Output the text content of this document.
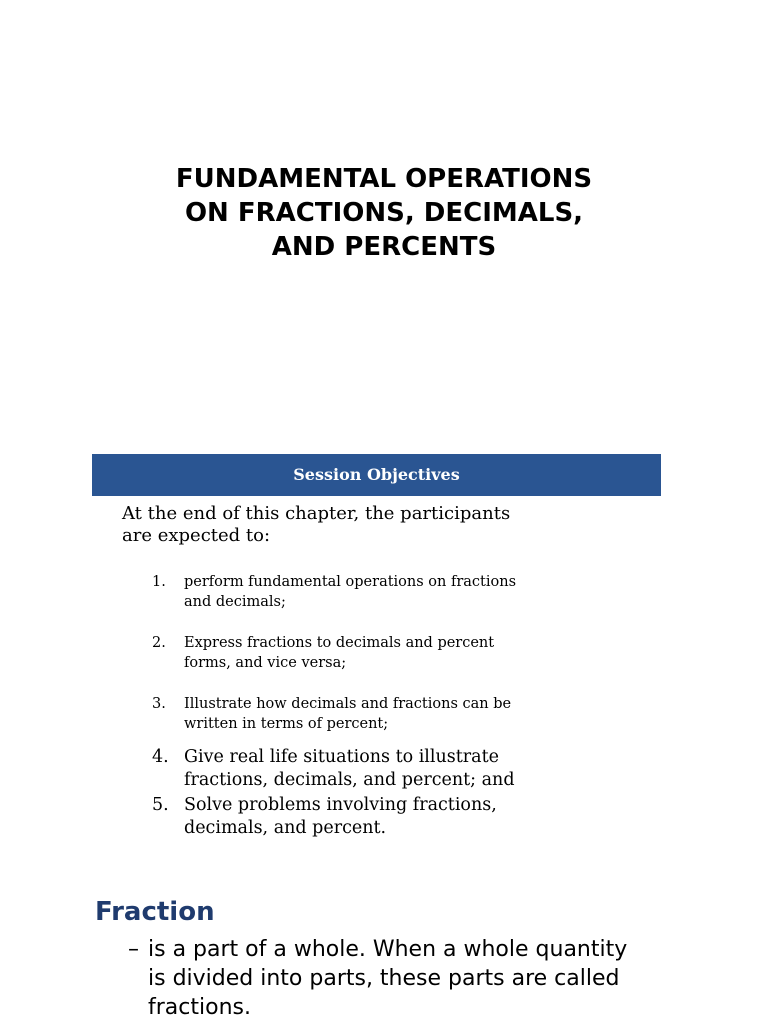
FUNDAMENTAL OPERATIONS
ON FRACTIONS, DECIMALS,
AND PERCENTS
Session Objectives
At the end of this chapter, the participants
are expected to:
1.	perform fundamental operations on fractions
and decimals;
2.	Express fractions to decimals and percent
forms, and vice versa;
3.	Illustrate how decimals and fractions can be
written in terms of percent;
4. Give real life situations to illustrate
fractions, decimals, and percent; and
5. Solve problems involving fractions,
decimals, and percent.
Fraction
– is a part of a whole. When a whole quantity
is divided into parts, these parts are called
fractions.
